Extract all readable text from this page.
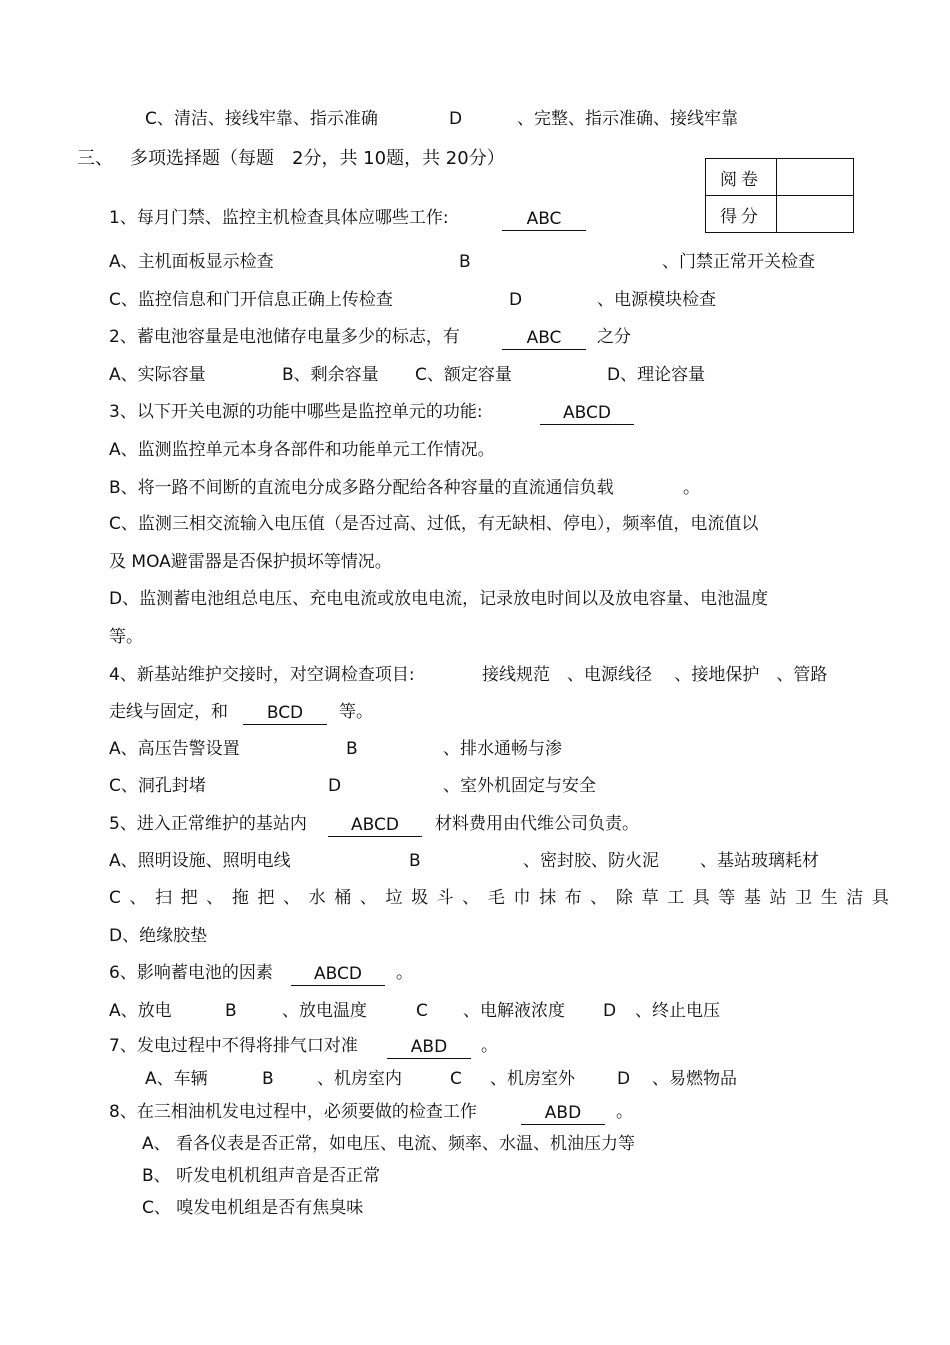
C、清洁、接线牢靠、指示准确	D	、完整、指示准确、接线牢靠
三、 多项选择题（每题　2分，共 10题，共 20分）
阅卷	
得分	
1、每月门禁、监控主机检查具体应哪些工作:	ABC
A、主机面板显示检查	B	、门禁正常开关检查
C、监控信息和门开信息正确上传检查	D	、电源模块检查
2、蓄电池容量是电池储存电量多少的标志，有	ABC	之分
A、实际容量	B、剩余容量 C、额定容量	D、理论容量
3、以下开关电源的功能中哪些是监控单元的功能:	ABCD
A、监测监控单元本身各部件和功能单元工作情况。
B、将一路不间断的直流电分成多路分配给各种容量的直流通信负载	。
C、监测三相交流输入电压值（是否过高、过低，有无缺相、停电），频率值，电流值以
及 MOA避雷器是否保护损坏等情况。
D、监测蓄电池组总电压、充电电流或放电电流，记录放电时间以及放电容量、电池温度
等。
4、新基站维护交接时，对空调检查项目:	接线规范　、电源线径　 、接地保护　、管路
走线与固定，和	BCD	等。
A、高压告警设置	B	、排水通畅与渗
C、洞孔封堵	D	、室外机固定与安全
5、进入正常维护的基站内	ABCD	材料费用由代维公司负责。
A、照明设施、照明电线	B	、密封胶、防火泥 、基站玻璃耗材
C、扫把、拖把、水桶、垃圾斗、毛巾抹布、除草工具等基站卫生洁具
D、绝缘胶垫
6、影响蓄电池的因素	ABCD	。
A、放电	B	、放电温度	C 、电解液浓度 D 、终止电压
7、发电过程中不得将排气口对准	ABD	。
A、车辆	B	、机房室内	C 、机房室外 D 、易燃物品
8、在三相油机发电过程中，必须要做的检查工作	ABD	。
A、 看各仪表是否正常，如电压、电流、频率、水温、机油压力等
B、 听发电机机组声音是否正常
C、 嗅发电机组是否有焦臭味
